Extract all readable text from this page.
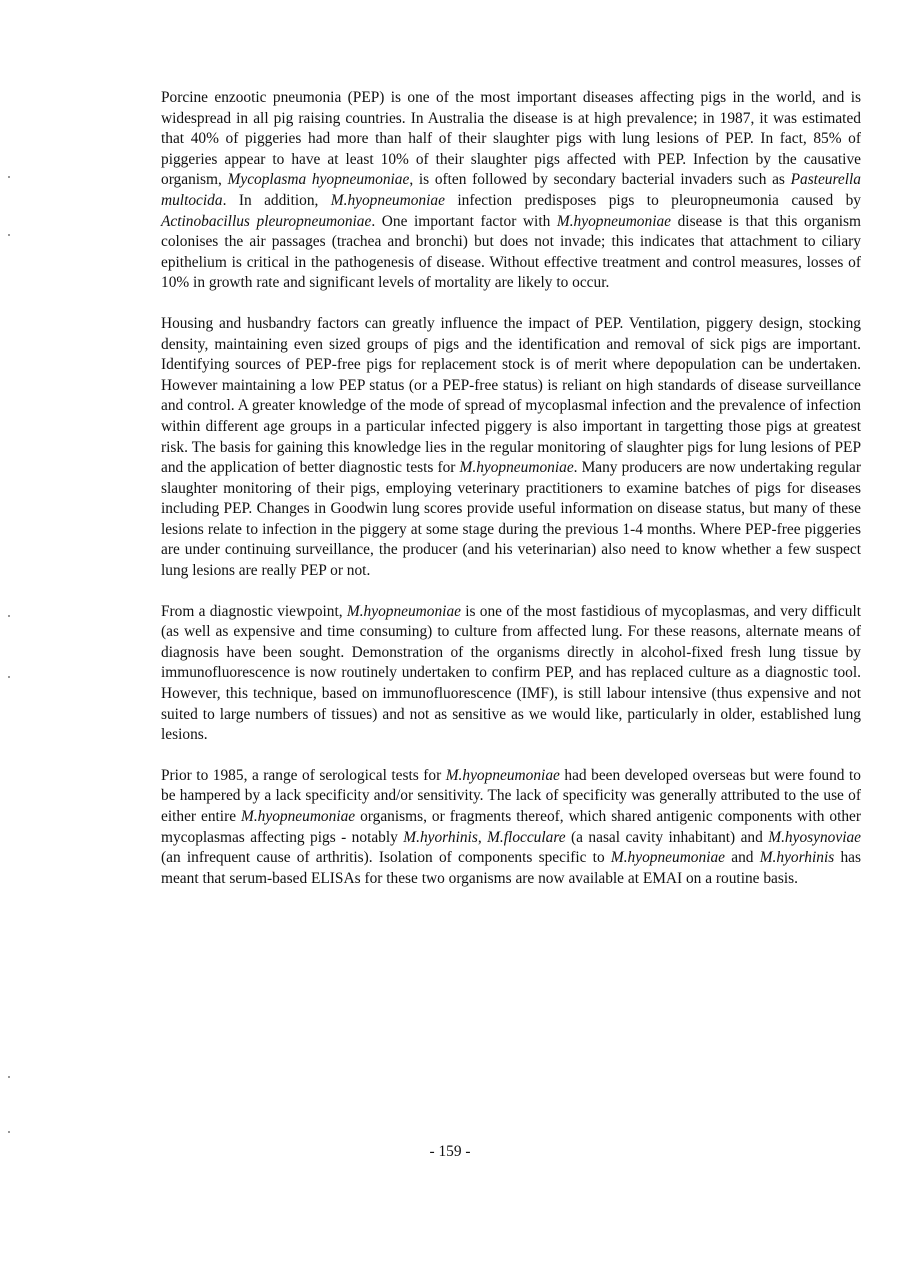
Porcine enzootic pneumonia (PEP) is one of the most important diseases affecting pigs in the world, and is widespread in all pig raising countries. In Australia the disease is at high prevalence; in 1987, it was estimated that 40% of piggeries had more than half of their slaughter pigs with lung lesions of PEP. In fact, 85% of piggeries appear to have at least 10% of their slaughter pigs affected with PEP. Infection by the causative organism, Mycoplasma hyopneumoniae, is often followed by secondary bacterial invaders such as Pasteurella multocida. In addition, M.hyopneumoniae infection predisposes pigs to pleuropneumonia caused by Actinobacillus pleuropneumoniae. One important factor with M.hyopneumoniae disease is that this organism colonises the air passages (trachea and bronchi) but does not invade; this indicates that attachment to ciliary epithelium is critical in the pathogenesis of disease. Without effective treatment and control measures, losses of 10% in growth rate and significant levels of mortality are likely to occur.

Housing and husbandry factors can greatly influence the impact of PEP. Ventilation, piggery design, stocking density, maintaining even sized groups of pigs and the identification and removal of sick pigs are important. Identifying sources of PEP-free pigs for replacement stock is of merit where depopulation can be undertaken. However maintaining a low PEP status (or a PEP-free status) is reliant on high standards of disease surveillance and control. A greater knowledge of the mode of spread of mycoplasmal infection and the prevalence of infection within different age groups in a particular infected piggery is also important in targetting those pigs at greatest risk. The basis for gaining this knowledge lies in the regular monitoring of slaughter pigs for lung lesions of PEP and the application of better diagnostic tests for M.hyopneumoniae. Many producers are now undertaking regular slaughter monitoring of their pigs, employing veterinary practitioners to examine batches of pigs for diseases including PEP. Changes in Goodwin lung scores provide useful information on disease status, but many of these lesions relate to infection in the piggery at some stage during the previous 1-4 months. Where PEP-free piggeries are under continuing surveillance, the producer (and his veterinarian) also need to know whether a few suspect lung lesions are really PEP or not.

From a diagnostic viewpoint, M.hyopneumoniae is one of the most fastidious of mycoplasmas, and very difficult (as well as expensive and time consuming) to culture from affected lung. For these reasons, alternate means of diagnosis have been sought. Demonstration of the organisms directly in alcohol-fixed fresh lung tissue by immunofluorescence is now routinely undertaken to confirm PEP, and has replaced culture as a diagnostic tool. However, this technique, based on immunofluorescence (IMF), is still labour intensive (thus expensive and not suited to large numbers of tissues) and not as sensitive as we would like, particularly in older, established lung lesions.

Prior to 1985, a range of serological tests for M.hyopneumoniae had been developed overseas but were found to be hampered by a lack specificity and/or sensitivity. The lack of specificity was generally attributed to the use of either entire M.hyopneumoniae organisms, or fragments thereof, which shared antigenic components with other mycoplasmas affecting pigs - notably M.hyorhinis, M.flocculare (a nasal cavity inhabitant) and M.hyosynoviae (an infrequent cause of arthritis). Isolation of components specific to M.hyopneumoniae and M.hyorhinis has meant that serum-based ELISAs for these two organisms are now available at EMAI on a routine basis.

- 159 -
